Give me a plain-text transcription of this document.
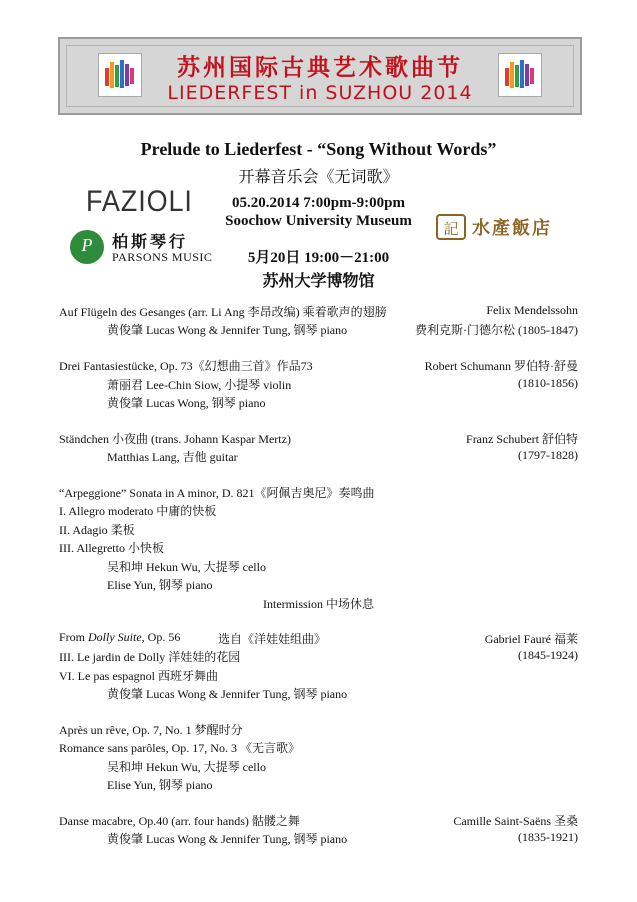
苏州国际古典艺术歌曲节
LIEDERFEST in SUZHOU 2014
Prelude to Liederfest - “Song Without Words”
开幕音乐会《无词歌》
05.20.2014 7:00pm-9:00pm
Soochow University Museum
5月20日 19:00－21:00
苏州大学博物馆
FAZIOLI
P	柏斯琴行
PARSONS MUSIC
記 水產飯店
Auf Flügeln des Gesanges (arr. Li Ang 李昂改编) 乘着歌声的翅膀	Felix Mendelssohn
黄俊肇 Lucas Wong & Jennifer Tung, 钢琴 piano	费利克斯·门德尔松 (1805-1847)
Drei Fantasiestücke, Op. 73《幻想曲三首》作品73	Robert Schumann 罗伯特·舒曼
萧丽君 Lee-Chin Siow, 小提琴 violin	(1810-1856)
黄俊肇 Lucas Wong, 钢琴 piano
Ständchen 小夜曲 (trans. Johann Kaspar Mertz)	Franz Schubert 舒伯特
Matthias Lang, 吉他 guitar	(1797-1828)
“Arpeggione” Sonata in A minor, D. 821《阿佩吉奥尼》奏鸣曲
I. Allegro moderato 中庸的快板
II. Adagio 柔板
III. Allegretto 小快板
吴和坤 Hekun Wu, 大提琴 cello
Elise Yun, 钢琴 piano
Intermission 中场休息
From Dolly Suite, Op. 56	选自《洋娃娃组曲》	Gabriel Fauré 福莱
III. Le jardin de Dolly 洋娃娃的花园	(1845-1924)
VI. Le pas espagnol 西班牙舞曲
黄俊肇 Lucas Wong & Jennifer Tung, 钢琴 piano
Après un rêve, Op. 7, No. 1 梦醒时分
Romance sans parôles, Op. 17, No. 3 《无言歌》
吴和坤 Hekun Wu, 大提琴 cello
Elise Yun, 钢琴 piano
Danse macabre, Op.40 (arr. four hands) 骷髅之舞	Camille Saint-Saëns 圣桑
黄俊肇 Lucas Wong & Jennifer Tung, 钢琴 piano	(1835-1921)
